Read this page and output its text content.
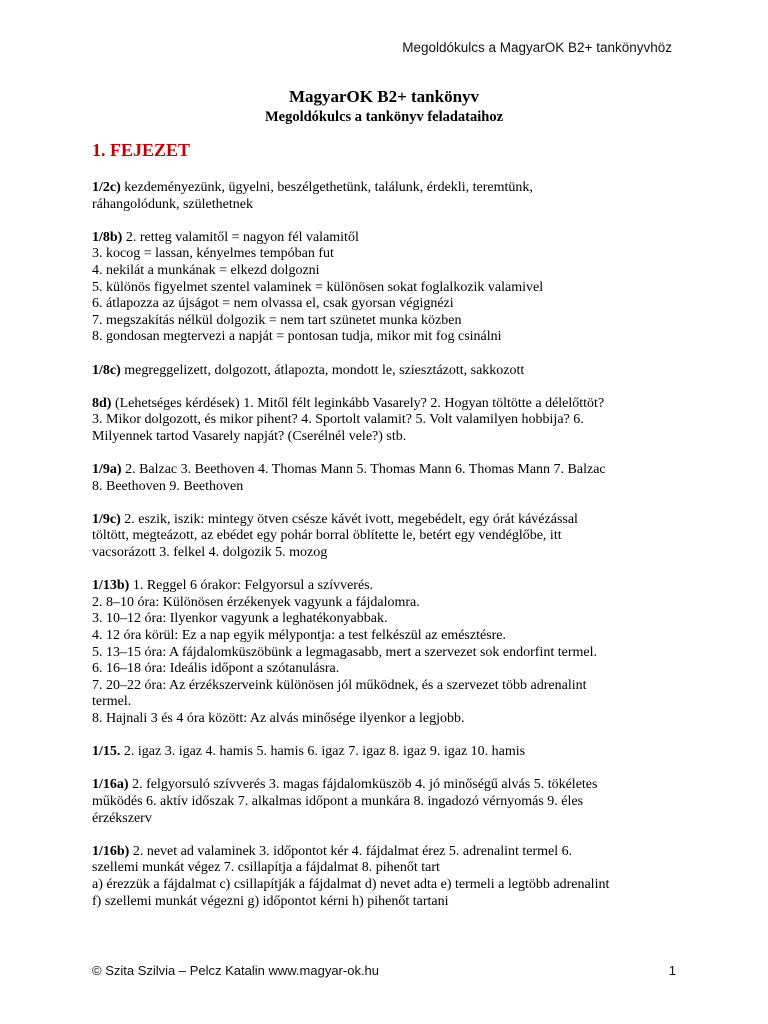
Megoldókulcs a MagyarOK B2+ tankönyvhöz
MagyarOK B2+ tankönyv
Megoldókulcs a tankönyv feladataihoz
1. FEJEZET
1/2c) kezdeményezünk, ügyelni, beszélgethetünk, találunk, érdekli, teremtünk,
ráhangolódunk, születhetnek
1/8b) 2. retteg valamitől = nagyon fél valamitől
3. kocog = lassan, kényelmes tempóban fut
4. nekilát a munkának = elkezd dolgozni
5. különös figyelmet szentel valaminek = különösen sokat foglalkozik valamivel
6. átlapozza az újságot = nem olvassa el, csak gyorsan végignézi
7. megszakítás nélkül dolgozik = nem tart szünetet munka közben
8. gondosan megtervezi a napját = pontosan tudja, mikor mit fog csinálni
1/8c) megreggelizett, dolgozott, átlapozta, mondott le, sziesztázott, sakkozott
8d) (Lehetséges kérdések) 1. Mitől félt leginkább Vasarely? 2. Hogyan töltötte a délelőttöt?
3. Mikor dolgozott, és mikor pihent? 4. Sportolt valamit? 5. Volt valamilyen hobbija? 6.
Milyennek tartod Vasarely napját? (Cserélnél vele?) stb.
1/9a) 2. Balzac 3. Beethoven 4. Thomas Mann 5. Thomas Mann 6. Thomas Mann 7. Balzac
8. Beethoven 9. Beethoven
1/9c) 2. eszik, iszik: mintegy ötven csésze kávét ivott, megebédelt, egy órát kávézással
töltött, megteázott, az ebédet egy pohár borral öblítette le, betért egy vendéglőbe, itt
vacsorázott 3. felkel 4. dolgozik 5. mozog
1/13b) 1. Reggel 6 órakor: Felgyorsul a szívverés.
2. 8–10 óra: Különösen érzékenyek vagyunk a fájdalomra.
3. 10–12 óra: Ilyenkor vagyunk a leghatékonyabbak.
4. 12 óra körül: Ez a nap egyik mélypontja: a test felkészül az emésztésre.
5. 13–15 óra: A fájdalomküszöbünk a legmagasabb, mert a szervezet sok endorfint termel.
6. 16–18 óra: Ideális időpont a szótanulásra.
7. 20–22 óra: Az érzékszerveink különösen jól működnek, és a szervezet több adrenalint
termel.
8. Hajnali 3 és 4 óra között: Az alvás minősége ilyenkor a legjobb.
1/15. 2. igaz 3. igaz 4. hamis 5. hamis 6. igaz 7. igaz 8. igaz 9. igaz 10. hamis
1/16a) 2. felgyorsuló szívverés 3. magas fájdalomküszöb 4. jó minőségű alvás 5. tökéletes
működés 6. aktív időszak 7. alkalmas időpont a munkára 8. ingadozó vérnyomás 9. éles
érzékszerv
1/16b) 2. nevet ad valaminek 3. időpontot kér 4. fájdalmat érez 5. adrenalint termel 6.
szellemi munkát végez 7. csillapítja a fájdalmat 8. pihenőt tart
a) érezzük a fájdalmat c) csillapítják a fájdalmat d) nevet adta e) termeli a legtöbb adrenalint
f) szellemi munkát végezni g) időpontot kérni h) pihenőt tartani
© Szita Szilvia – Pelcz Katalin www.magyar-ok.hu	1
